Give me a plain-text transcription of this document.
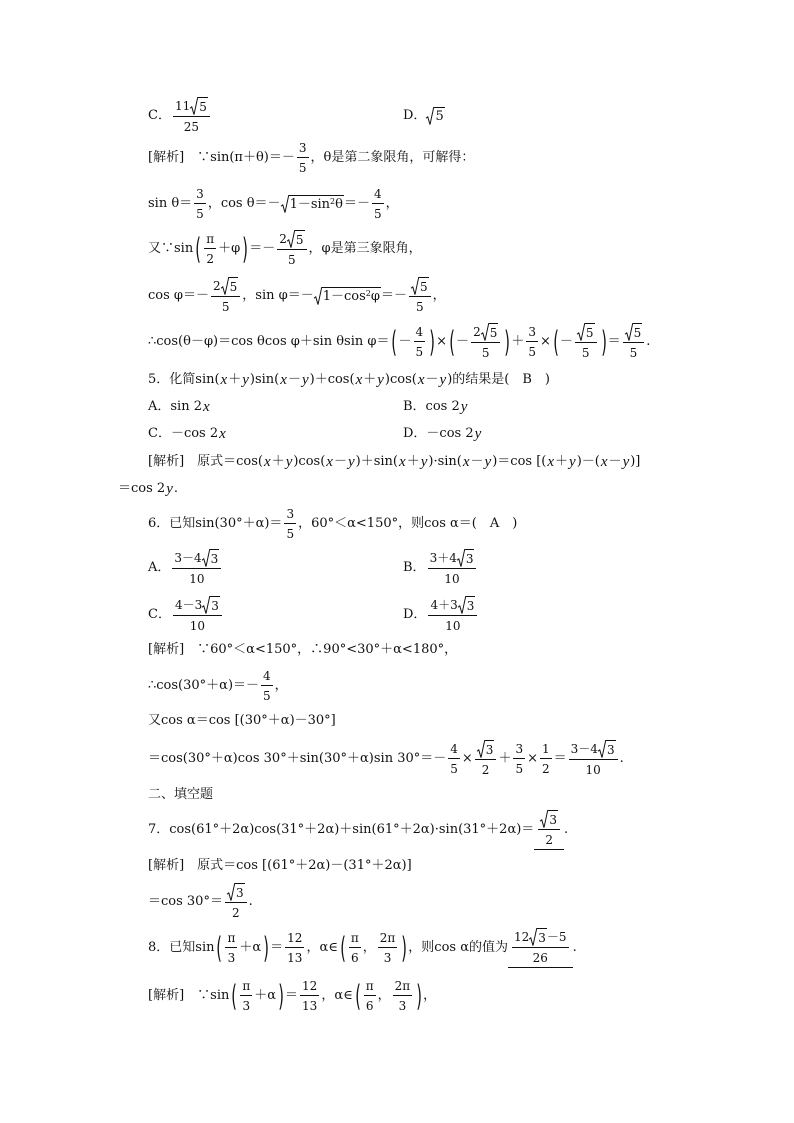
C． $\frac{11 5}{25}$	D． 5
[解析]　∵sin(π＋θ)＝－ $\frac{3}{5}$ ，θ是第二象限角，可解得：
$\sin \theta= \frac{3}{5}$ ，$\cos \theta=- 1-\sin^2$ $\theta =- \frac{4}{5}$ ，
又∵sin ( $\frac{\pi}{2} +\varphi$ ) ＝－ $\frac{2 5}{5}$ ，φ是第三象限角，
$\cos \varphi=- \frac{2 5}{5}$ ，$\sin \varphi=- 1-\cos^2$ $\varphi =- \frac{5}{5}$ ，
∴cos(θ－φ)＝cos θcos φ＋sin θsin φ＝ ( － $\frac{4}{5}$ ) × ( － $\frac{2 5}{5}$ ) ＋ $\frac{3}{5}$ × ( － $\frac{5}{5}$ ) ＝ $\frac{5}{5}$ .
5．化简sin( x ＋ y )sin( x － y )＋cos( x ＋ y )cos( x － y )的结果是(　B　)
A．sin 2 x	B．cos 2 y
C．－cos 2 x	D．－cos 2 y
[解析]　原式＝cos( x ＋ y )cos( x － y )＋sin( x ＋ y )·sin( x － y )＝cos [( x ＋ y )－( x － y )]
＝cos 2 y .
6．已知$\sin(30^\circ+\alpha)= \frac{3}{5}$ ，60°＜α<150°，则cos α＝(　A　)
A． $\frac{3-4 3}{10}$	B． $\frac{3+4 3}{10}$
C． $\frac{4-3 3}{10}$	D． $\frac{4+3 3}{10}$
[解析]　∵60°＜α<150°，∴90°<30°＋α<180°，
∴cos(30°＋α)＝－ $\frac{4}{5}$ ，
又cos α＝cos [(30°＋α)－30°]
＝cos(30°＋α)cos 30°＋sin(30°＋α)sin $30^\circ=- \frac{4}{5} \times \frac{3}{2} + \frac{3}{5} \times \frac{1}{2} = \frac{3-4 3}{10}$ .
二、填空题
7．$\cos(61^\circ+2\alpha)\cos(31^\circ+2\alpha)+\sin(61^\circ+2\alpha)\cdot\sin(31^\circ+2\alpha)= \frac{3}{2}$ .
[解析]　原式＝cos [(61°＋2α)－(31°＋2α)]
＝cos $30^\circ= \frac{3}{2}$ .
8．已知sin ( $\frac{\pi}{3} +\alpha$ ) ＝ $\frac{12}{13}$ ，α∈ ( $\frac{\pi}{6}$ ， $\frac{2\pi}{3}$ ) ，则cos α的值为 $\frac{12 3 -5}{26}$ .
[解析]　∵sin ( $\frac{\pi}{3} +\alpha$ ) ＝ $\frac{12}{13}$ ，α∈ ( $\frac{\pi}{6}$ ， $\frac{2\pi}{3}$ ) ，
